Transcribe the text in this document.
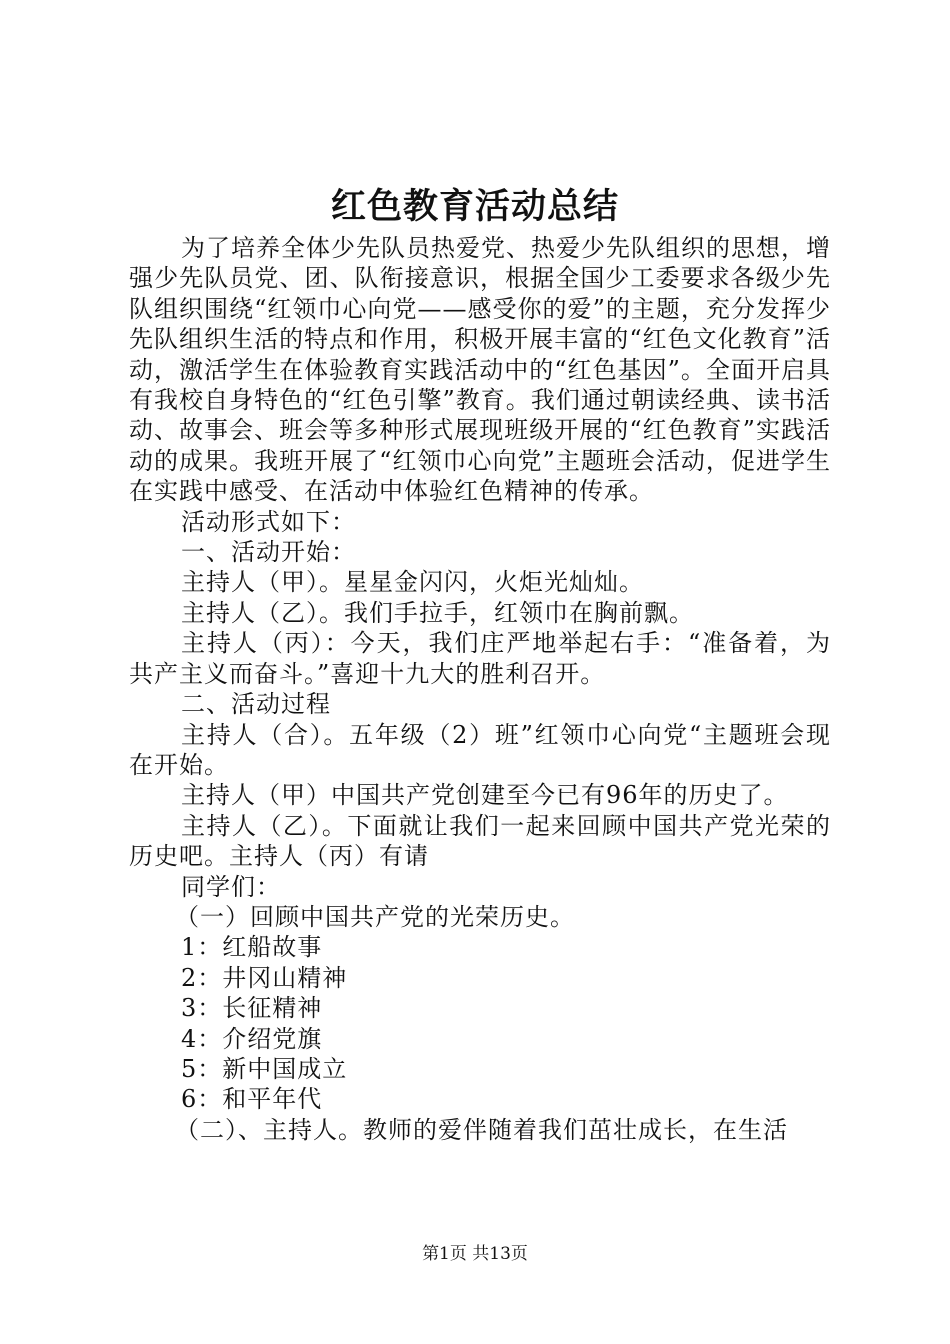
红色教育活动总结

为了培养全体少先队员热爱党、热爱少先队组织的思想，增强少先队员党、团、队衔接意识，根据全国少工委要求各级少先队组织围绕“红领巾心向党——感受你的爱”的主题，充分发挥少先队组织生活的特点和作用，积极开展丰富的“红色文化教育”活动，激活学生在体验教育实践活动中的“红色基因”。全面开启具有我校自身特色的“红色引擎”教育。我们通过朝读经典、读书活动、故事会、班会等多种形式展现班级开展的“红色教育”实践活动的成果。我班开展了“红领巾心向党”主题班会活动，促进学生在实践中感受、在活动中体验红色精神的传承。

活动形式如下：

一、活动开始：

主持人（甲）。星星金闪闪，火炬光灿灿。

主持人（乙）。我们手拉手，红领巾在胸前飘。

主持人（丙）：今天，我们庄严地举起右手：“准备着，为共产主义而奋斗。”喜迎十九大的胜利召开。

二、活动过程

主持人（合）。五年级（2）班”红领巾心向党“主题班会现在开始。

主持人（甲）中国共产党创建至今已有96年的历史了。

主持人（乙）。下面就让我们一起来回顾中国共产党光荣的历史吧。主持人（丙）有请

同学们：

（一）回顾中国共产党的光荣历史。

1：红船故事

2：井冈山精神

3：长征精神

4：介绍党旗

5：新中国成立

6：和平年代

（二）、主持人。教师的爱伴随着我们茁壮成长，在生活

第1页 共13页
